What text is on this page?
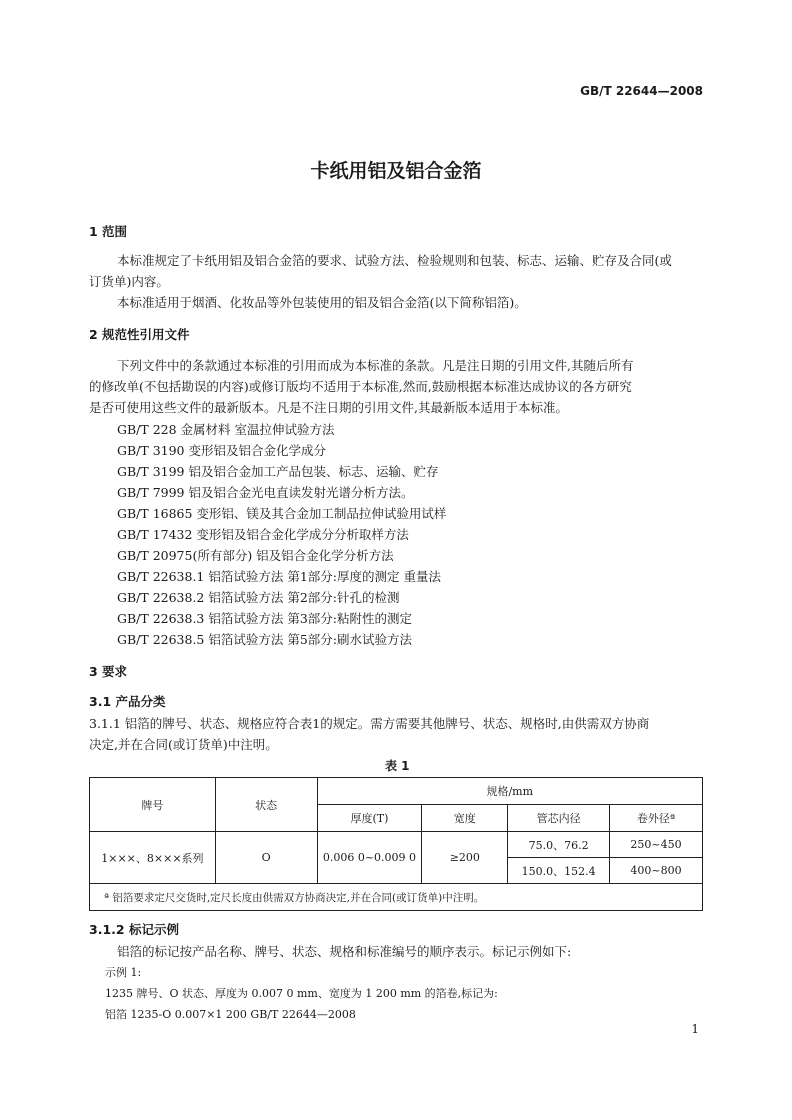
GB/T 22644—2008
卡纸用铝及铝合金箔
1 范围
本标准规定了卡纸用铝及铝合金箔的要求、试验方法、检验规则和包装、标志、运输、贮存及合同(或
订货单)内容。
本标准适用于烟酒、化妆品等外包装使用的铝及铝合金箔(以下简称铝箔)。
2 规范性引用文件
下列文件中的条款通过本标准的引用而成为本标准的条款。凡是注日期的引用文件,其随后所有
的修改单(不包括勘误的内容)或修订版均不适用于本标准,然而,鼓励根据本标准达成协议的各方研究
是否可使用这些文件的最新版本。凡是不注日期的引用文件,其最新版本适用于本标准。
GB/T 228 金属材料 室温拉伸试验方法
GB/T 3190 变形铝及铝合金化学成分
GB/T 3199 铝及铝合金加工产品包装、标志、运输、贮存
GB/T 7999 铝及铝合金光电直读发射光谱分析方法。
GB/T 16865 变形铝、镁及其合金加工制品拉伸试验用试样
GB/T 17432 变形铝及铝合金化学成分分析取样方法
GB/T 20975(所有部分) 铝及铝合金化学分析方法
GB/T 22638.1 铝箔试验方法 第1部分:厚度的测定 重量法
GB/T 22638.2 铝箔试验方法 第2部分:针孔的检测
GB/T 22638.3 铝箔试验方法 第3部分:粘附性的测定
GB/T 22638.5 铝箔试验方法 第5部分:刷水试验方法
3 要求
3.1 产品分类
3.1.1 铝箔的牌号、状态、规格应符合表1的规定。需方需要其他牌号、状态、规格时,由供需双方协商
决定,并在合同(或订货单)中注明。
表 1
牌号	状态	规格/mm			
		厚度(T)	宽度	管芯内径	卷外径ª
1×××、8×××系列	O	0.006 0~0.009 0	≥200	75.0、76.2	250~450
				150.0、152.4	400~800
ª 铝箔要求定尺交货时,定尺长度由供需双方协商决定,并在合同(或订货单)中注明。					
3.1.2 标记示例
铝箔的标记按产品名称、牌号、状态、规格和标准编号的顺序表示。标记示例如下:
示例 1:
1235 牌号、O 状态、厚度为 0.007 0 mm、宽度为 1 200 mm 的箔卷,标记为:
铝箔 1235-O 0.007×1 200 GB/T 22644—2008
1
